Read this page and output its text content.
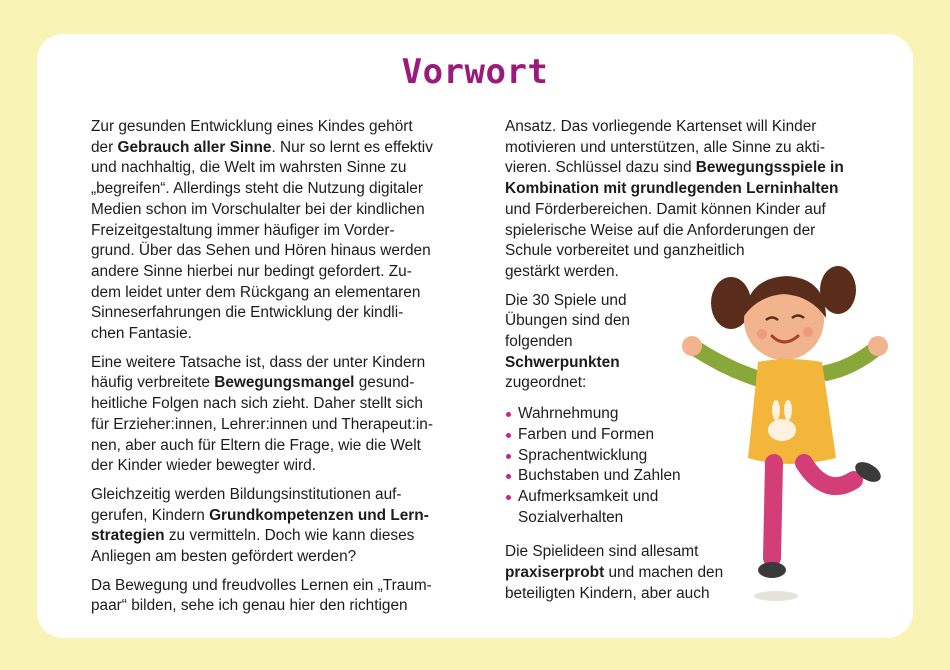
Vorwort

Zur gesunden Entwicklung eines Kindes gehört
der Gebrauch aller Sinne. Nur so lernt es effektiv
und nachhaltig, die Welt im wahrsten Sinne zu
„begreifen“. Allerdings steht die Nutzung digitaler
Medien schon im Vorschulalter bei der kindlichen
Freizeitgestaltung immer häufiger im Vorder-
grund. Über das Sehen und Hören hinaus werden
andere Sinne hierbei nur bedingt gefordert. Zu-
dem leidet unter dem Rückgang an elementaren
Sinneserfahrungen die Entwicklung der kindli-
chen Fantasie.

Eine weitere Tatsache ist, dass der unter Kindern
häufig verbreitete Bewegungsmangel gesund-
heitliche Folgen nach sich zieht. Daher stellt sich
für Erzieher:innen, Lehrer:innen und Therapeut:in-
nen, aber auch für Eltern die Frage, wie die Welt
der Kinder wieder bewegter wird.

Gleichzeitig werden Bildungsinstitutionen auf-
gerufen, Kindern Grundkompetenzen und Lern-
strategien zu vermitteln. Doch wie kann dieses
Anliegen am besten gefördert werden?

Da Bewegung und freudvolles Lernen ein „Traum-
paar“ bilden, sehe ich genau hier den richtigen

Ansatz. Das vorliegende Kartenset will Kinder
motivieren und unterstützen, alle Sinne zu akti-
vieren. Schlüssel dazu sind Bewegungsspiele in
Kombination mit grundlegenden Lerninhalten
und Förderbereichen. Damit können Kinder auf
spielerische Weise auf die Anforderungen der
Schule vorbereitet und ganzheitlich
gestärkt werden.

Die 30 Spiele und
Übungen sind den
folgenden
Schwerpunkten
zugeordnet:

Wahrnehmung
Farben und Formen
Sprachentwicklung
Buchstaben und Zahlen
Aufmerksamkeit und
Sozialverhalten

Die Spielideen sind allesamt
praxiserprobt und machen den
beteiligten Kindern, aber auch
